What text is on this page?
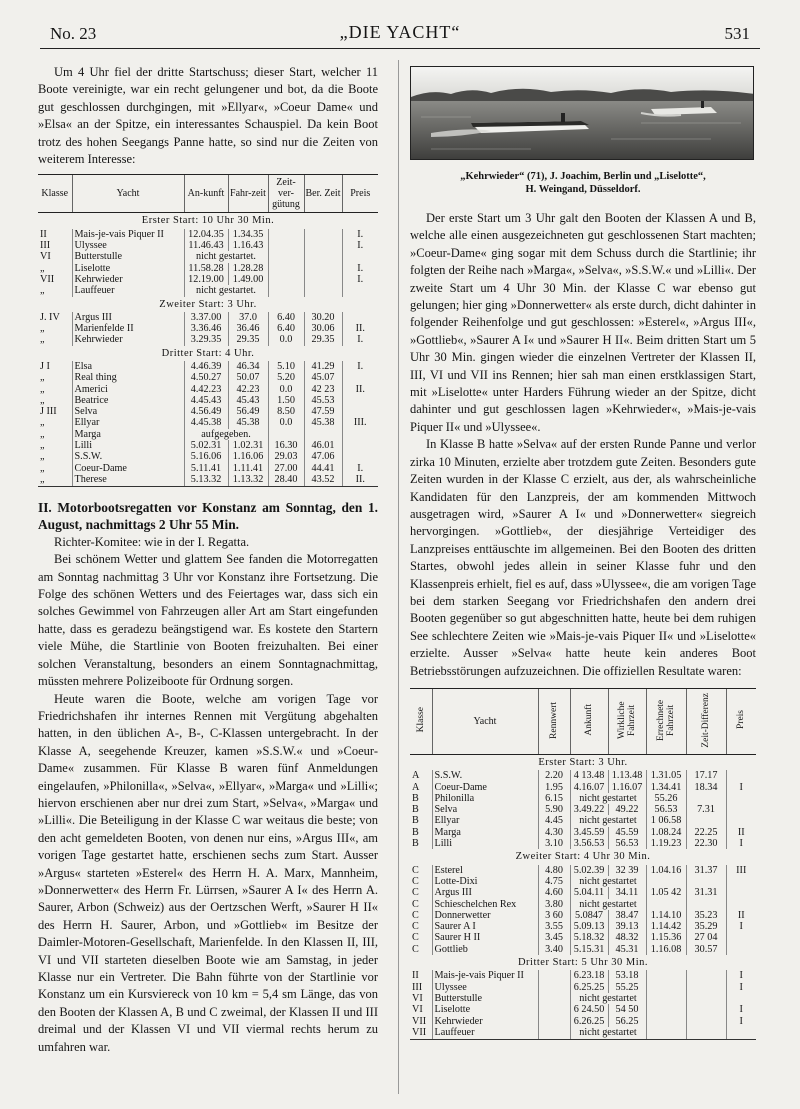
No. 23	„DIE YACHT“	531

Um 4 Uhr fiel der dritte Startschuss; dieser Start, welcher 11 Boote vereinigte, war ein recht gelungener und bot, da die Boote gut geschlossen durchgingen, mit »Ellyar«, »Coeur Dame« und »Elsa« an der Spitze, ein interessantes Schauspiel. Da kein Boot trotz des hohen Seegangs Panne hatte, so sind nur die Zeiten von weiterem Interesse:

Klasse	Yacht	An-kunft	Fahr-zeit	Zeit-ver-gütung	Ber. Zeit	Preis
Erster Start: 10 Uhr 30 Min.						
II	Mais-je-vais Piquer II	12.04.35	1.34.35			I.
III	Ulyssee	11.46.43	1.16.43			I.
VI	Butterstulle	nicht gestartet.				
„	Liselotte	11.58.28	1.28.28			I.
VII	Kehrwieder	12.19.00	1.49.00			I.
„	Lauffeuer	nicht gestartet.				
Zweiter Start: 3 Uhr.						
J. IV	Argus III	3.37.00	37.0	6.40	30.20	
„	Marienfelde II	3.36.46	36.46	6.40	30.06	II.
„	Kehrwieder	3.29.35	29.35	0.0	29.35	I.
Dritter Start: 4 Uhr.						
J I	Elsa	4.46.39	46.34	5.10	41.29	I.
„	Real thing	4.50.27	50.07	5.20	45.07	
„	Americi	4.42.23	42.23	0.0	42 23	II.
„	Beatrice	4.45.43	45.43	1.50	45.53	
J III	Selva	4.56.49	56.49	8.50	47.59	
„	Ellyar	4.45.38	45.38	0.0	45.38	III.
„	Marga	aufgegeben.				
„	Lilli	5.02.31	1.02.31	16.30	46.01	
„	S.S.W.	5.16.06	1.16.06	29.03	47.06	
„	Coeur-Dame	5.11.41	1.11.41	27.00	44.41	I.
„	Therese	5.13.32	1.13.32	28.40	43.52	II.
II. Motorbootsregatten vor Konstanz am Sonntag, den 1. August, nachmittags 2 Uhr 55 Min.
Richter-Komitee: wie in der I. Regatta.

Bei schönem Wetter und glattem See fanden die Motorregatten am Sonntag nachmittag 3 Uhr vor Konstanz ihre Fortsetzung. Die Folge des schönen Wetters und des Feiertages war, dass sich ein solches Gewimmel von Fahrzeugen aller Art am Start eingefunden hatte, dass es geradezu beängstigend war. Es kostete den Startern viele Mühe, die Startlinie von Booten freizuhalten. Bei einer solchen Veranstaltung, besonders an einem Sonntagnachmittag, müssten mehrere Polizeiboote für Ordnung sorgen.

Heute waren die Boote, welche am vorigen Tage vor Friedrichshafen ihr internes Rennen mit Vergütung abgehalten hatten, in den üblichen A-, B-, C-Klassen untergebracht. In der Klasse A, seegehende Kreuzer, kamen »S.S.W.« und »Coeur-Dame« zusammen. Für Klasse B waren fünf Anmeldungen eingelaufen, »Philonilla«, »Selva«, »Ellyar«, »Marga« und »Lilli«; hiervon erschienen aber nur drei zum Start, »Selva«, »Marga« und »Lilli«. Die Beteiligung in der Klasse C war weitaus die beste; von den acht gemeldeten Booten, von denen nur eins, »Argus III«, am vorigen Tage gestartet hatte, erschienen sechs zum Start. Ausser »Argus« starteten »Esterel« des Herrn H. A. Marx, Mannheim, »Donnerwetter« des Herrn Fr. Lürrsen, »Saurer A I« des Herrn A. Saurer, Arbon (Schweiz) aus der Oertzschen Werft, »Saurer H II« des Herrn H. Saurer, Arbon, und »Gottlieb« im Besitze der Daimler-Motoren-Gesellschaft, Marienfelde. In den Klassen II, III, VI und VII starteten dieselben Boote wie am Samstag, in jeder Klasse nur ein Vertreter. Die Bahn führte von der Startlinie vor Konstanz um ein Kursviereck von 10 km = 5,4 sm Länge, das von den Booten der Klassen A, B und C zweimal, der Klassen II und III dreimal und der Klassen VI und VII viermal rechts herum zu umfahren war.

„Kehrwieder“ (71), J. Joachim, Berlin und „Liselotte“,
H. Weingand, Düsseldorf.

Der erste Start um 3 Uhr galt den Booten der Klassen A und B, welche alle einen ausgezeichneten gut geschlossenen Start machten; »Coeur-Dame« ging sogar mit dem Schuss durch die Startlinie; ihr folgten der Reihe nach »Marga«, »Selva«, »S.S.W.« und »Lilli«. Der zweite Start um 4 Uhr 30 Min. der Klasse C war ebenso gut gelungen; hier ging »Donnerwetter« als erste durch, dicht dahinter in folgender Reihenfolge und gut geschlossen: »Esterel«, »Argus III«, »Gottlieb«, »Saurer A I« und »Saurer H II«. Beim dritten Start um 5 Uhr 30 Min. gingen wieder die einzelnen Vertreter der Klassen II, III, VI und VII ins Rennen; hier sah man einen erstklassigen Start, mit »Liselotte« unter Harders Führung wieder an der Spitze, dicht dahinter und gut geschlossen lagen »Kehrwieder«, »Mais-je-vais Piquer II« und »Ulyssee«.

In Klasse B hatte »Selva« auf der ersten Runde Panne und verlor zirka 10 Minuten, erzielte aber trotzdem gute Zeiten. Besonders gute Zeiten wurden in der Klasse C erzielt, aus der, als wahrscheinliche Kandidaten für den Lanzpreis, der am kommenden Mittwoch ausgetragen wird, »Saurer A I« und »Donnerwetter« siegreich hervorgingen. »Gottlieb«, der diesjährige Verteidiger des Lanzpreises enttäuschte im allgemeinen. Bei den Booten des dritten Startes, obwohl jedes allein in seiner Klasse fuhr und den Klassenpreis erhielt, fiel es auf, dass »Ulyssee«, die am vorigen Tage bei dem starken Seegang vor Friedrichshafen den andern drei Booten gegenüber so gut abgeschnitten hatte, heute bei dem ruhigen See schlechtere Zeiten wie »Mais-je-vais Piquer II« und »Liselotte« erzielte. Ausser »Selva« hatte heute kein anderes Boot Betriebsstörungen aufzuzeichnen. Die offiziellen Resultate waren:

Klasse	Yacht	Rennwert	Ankunft	Wirkliche Fahrzeit	Errechnete Fahrzeit	Zeit-Differenz	Preis
Erster Start: 3 Uhr.							
A	S.S.W.	2.20	4 13.48	1.13.48	1.31.05	17.17	
A	Coeur-Dame	1.95	4.16.07	1.16.07	1.34.41	18.34	I
B	Philonilla	6.15	nicht gestartet		55.26		
B	Selva	5.90	3.49.22	49.22	56.53	7.31	
B	Ellyar	4.45	nicht gestartet		1 06.58		
B	Marga	4.30	3.45.59	45.59	1.08.24	22.25	II
B	Lilli	3.10	3.56.53	56.53	1.19.23	22.30	I
Zweiter Start: 4 Uhr 30 Min.							
C	Esterel	4.80	5.02.39	32 39	1.04.16	31.37	III
C	Lotte-Dixi	4.75	nicht gestartet				
C	Argus III	4.60	5.04.11	34.11	1.05 42	31.31	
C	Schieschelchen Rex	3.80	nicht gestartet				
C	Donnerwetter	3 60	5.0847	38.47	1.14.10	35.23	II
C	Saurer A I	3.55	5.09.13	39.13	1.14.42	35.29	I
C	Saurer H II	3.45	5.18.32	48.32	1.15.36	27 04	
C	Gottlieb	3.40	5.15.31	45.31	1.16.08	30.57	
Dritter Start: 5 Uhr 30 Min.							
II	Mais-je-vais Piquer II		6.23.18	53.18			I
III	Ulyssee		6.25.25	55.25			I
VI	Butterstulle		nicht gestartet				
VI	Liselotte		6 24.50	54 50			I
VII	Kehrwieder		6.26.25	56.25			I
VII	Lauffeuer		nicht gestartet				
